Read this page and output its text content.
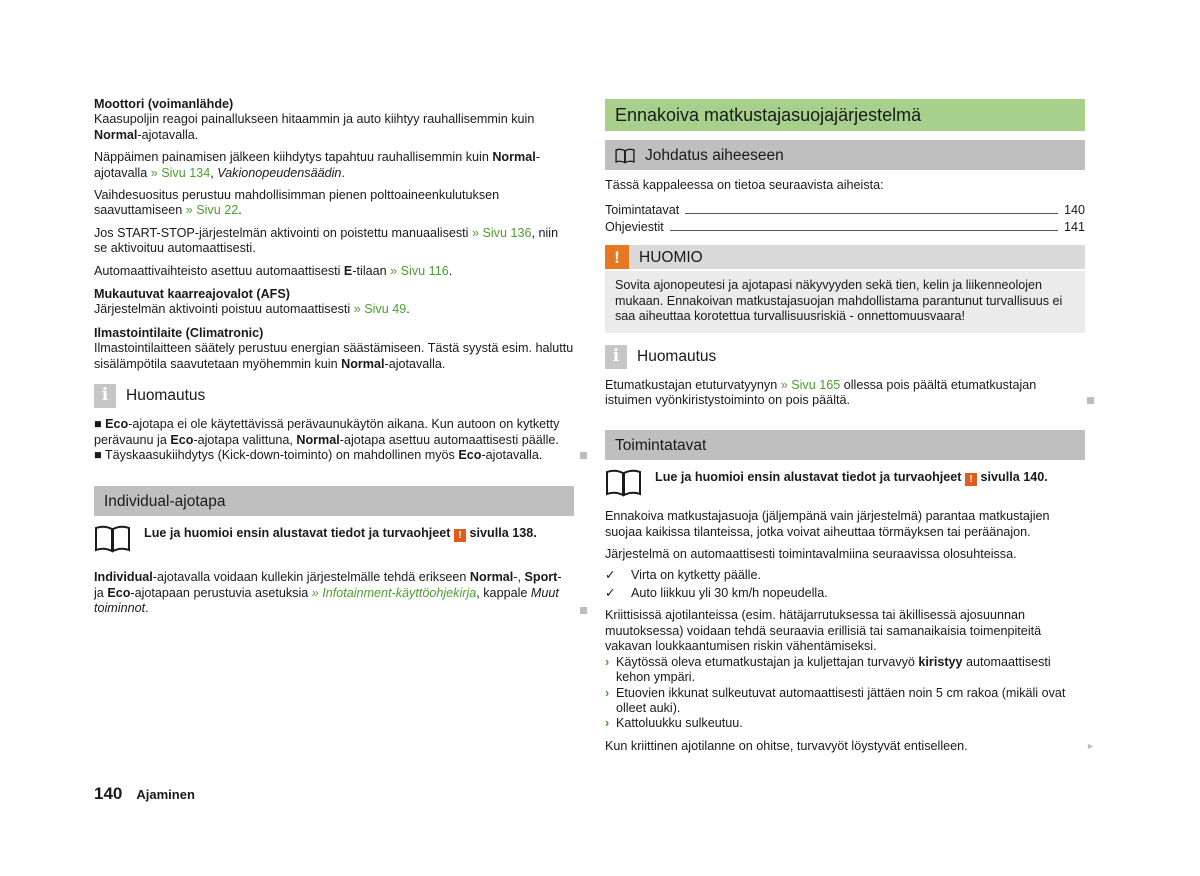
Moottori (voimanlähde)
Kaasupoljin reagoi painallukseen hitaammin ja auto kiihtyy rauhallisemmin kuin Normal-ajotavalla.

Näppäimen painamisen jälkeen kiihdytys tapahtuu rauhallisemmin kuin Normal-ajotavalla » Sivu 134, Vakionopeudensäädin.

Vaihdesuositus perustuu mahdollisimman pienen polttoaineenkulutuksen saavuttamiseen » Sivu 22.

Jos START-STOP-järjestelmän aktivointi on poistettu manuaalisesti » Sivu 136, niin se aktivoituu automaattisesti.

Automaattivaihteisto asettuu automaattisesti E-tilaan » Sivu 116.

Mukautuvat kaarreajovalot (AFS)
Järjestelmän aktivointi poistuu automaattisesti » Sivu 49.

Ilmastointilaite (Climatronic)
Ilmastointilaitteen säätely perustuu energian säästämiseen. Tästä syystä esim. haluttu sisälämpötila saavutetaan myöhemmin kuin Normal-ajotavalla.

i	Huomautus
■ Eco-ajotapa ei ole käytettävissä perävaunukäytön aikana. Kun autoon on kytketty perävaunu ja Eco-ajotapa valittuna, Normal-ajotapa asettuu automaattisesti päälle.
■ Täyskaasukiihdytys (Kick-down-toiminto) on mahdollinen myös Eco-ajotavalla.
Individual-ajotapa
Lue ja huomioi ensin alustavat tiedot ja turvaohjeet ! sivulla 138.

Individual-ajotavalla voidaan kullekin järjestelmälle tehdä erikseen Normal-, Sport- ja Eco-ajotapaan perustuvia asetuksia » Infotainment-käyttöohjekirja, kappale Muut toiminnot.

Ennakoiva matkustajasuojajärjestelmä
Johdatus aiheeseen

Tässä kappaleessa on tietoa seuraavista aiheista:

Toimintatavat	140
Ohjeviestit	141
!	HUOMIO
Sovita ajonopeutesi ja ajotapasi näkyvyyden sekä tien, kelin ja liikenneolojen mukaan. Ennakoivan matkustajasuojan mahdollistama parantunut turvallisuus ei saa aiheuttaa korotettua turvallisuusriskiä - onnettomuusvaara!
i	Huomautus

Etumatkustajan etuturvatyynyn » Sivu 165 ollessa pois päältä etumatkustajan istuimen vyönkiristystoiminto on pois päältä.

Toimintatavat
Lue ja huomioi ensin alustavat tiedot ja turvaohjeet ! sivulla 140.

Ennakoiva matkustajasuoja (jäljempänä vain järjestelmä) parantaa matkustajien suojaa kaikissa tilanteissa, jotka voivat aiheuttaa törmäyksen tai peräänajon.

Järjestelmä on automaattisesti toimintavalmiina seuraavissa olosuhteissa.

✓	Virta on kytketty päälle.
✓	Auto liikkuu yli 30 km/h nopeudella.
Kriittisissä ajotilanteissa (esim. hätäjarrutuksessa tai äkillisessä ajosuunnan muutoksessa) voidaan tehdä seuraavia erillisiä tai samanaikaisia toimenpiteitä vakavan loukkaantumisen riskin vähentämiseksi.
› Käytössä oleva etumatkustajan ja kuljettajan turvavyö kiristyy automaattisesti kehon ympäri.
› Etuovien ikkunat sulkeutuvat automaattisesti jättäen noin 5 cm rakoa (mikäli ovat olleet auki).
› Kattoluukku sulkeutuu.

Kun kriittinen ajotilanne on ohitse, turvavyöt löystyvät entiselleen.	►

140 Ajaminen
